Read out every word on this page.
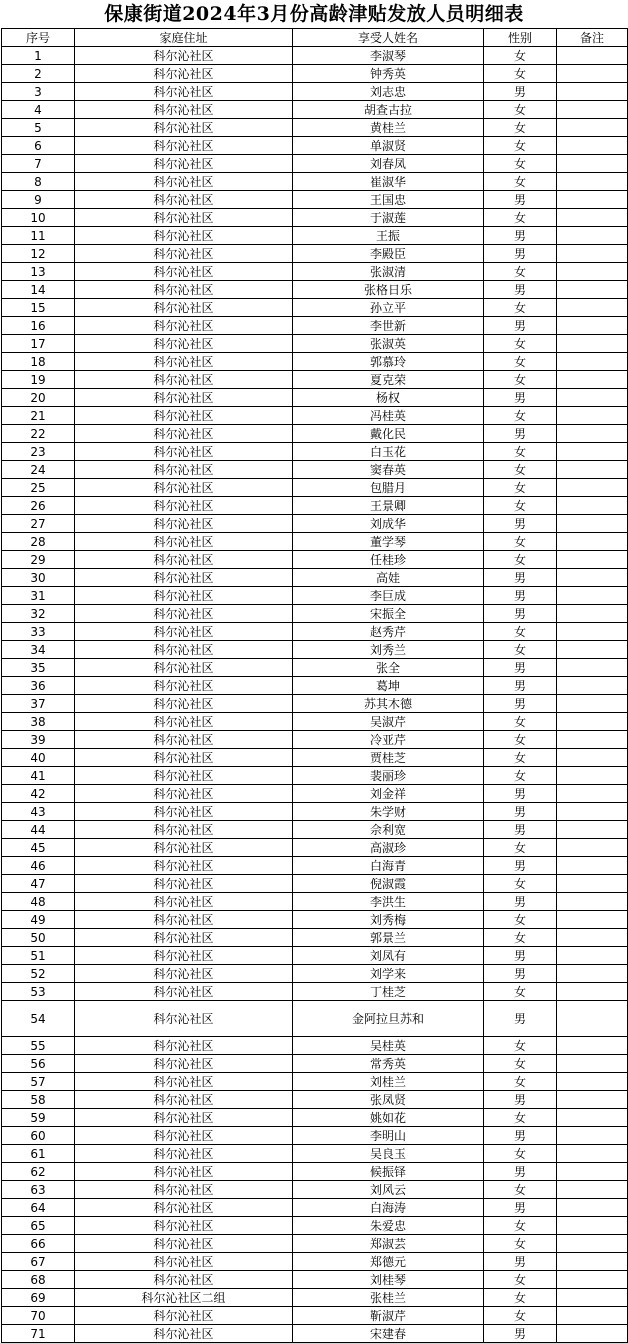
保康街道2024年3月份高龄津贴发放人员明细表
序号	家庭住址	享受人姓名	性别	备注
1	科尔沁社区	李淑琴	女	
2	科尔沁社区	钟秀英	女	
3	科尔沁社区	刘志忠	男	
4	科尔沁社区	胡查古拉	女	
5	科尔沁社区	黄桂兰	女	
6	科尔沁社区	单淑贤	女	
7	科尔沁社区	刘春凤	女	
8	科尔沁社区	崔淑华	女	
9	科尔沁社区	王国忠	男	
10	科尔沁社区	于淑莲	女	
11	科尔沁社区	王振	男	
12	科尔沁社区	李殿臣	男	
13	科尔沁社区	张淑清	女	
14	科尔沁社区	张格日乐	男	
15	科尔沁社区	孙立平	女	
16	科尔沁社区	李世新	男	
17	科尔沁社区	张淑英	女	
18	科尔沁社区	郭慕玲	女	
19	科尔沁社区	夏克荣	女	
20	科尔沁社区	杨权	男	
21	科尔沁社区	冯桂英	女	
22	科尔沁社区	戴化民	男	
23	科尔沁社区	白玉花	女	
24	科尔沁社区	窦春英	女	
25	科尔沁社区	包腊月	女	
26	科尔沁社区	王景卿	女	
27	科尔沁社区	刘成华	男	
28	科尔沁社区	董学琴	女	
29	科尔沁社区	任桂珍	女	
30	科尔沁社区	高娃	男	
31	科尔沁社区	李巨成	男	
32	科尔沁社区	宋振全	男	
33	科尔沁社区	赵秀芹	女	
34	科尔沁社区	刘秀兰	女	
35	科尔沁社区	张全	男	
36	科尔沁社区	葛坤	男	
37	科尔沁社区	苏其木德	男	
38	科尔沁社区	吴淑芹	女	
39	科尔沁社区	冷亚芹	女	
40	科尔沁社区	贾桂芝	女	
41	科尔沁社区	裴丽珍	女	
42	科尔沁社区	刘金祥	男	
43	科尔沁社区	朱学财	男	
44	科尔沁社区	佘利宽	男	
45	科尔沁社区	高淑珍	女	
46	科尔沁社区	白海青	男	
47	科尔沁社区	倪淑霞	女	
48	科尔沁社区	李洪生	男	
49	科尔沁社区	刘秀梅	女	
50	科尔沁社区	郭景兰	女	
51	科尔沁社区	刘凤有	男	
52	科尔沁社区	刘学来	男	
53	科尔沁社区	丁桂芝	女	
54	科尔沁社区	金阿拉旦苏和	男	
55	科尔沁社区	吴桂英	女	
56	科尔沁社区	常秀英	女	
57	科尔沁社区	刘桂兰	女	
58	科尔沁社区	张凤贤	男	
59	科尔沁社区	姚如花	女	
60	科尔沁社区	李明山	男	
61	科尔沁社区	吴良玉	女	
62	科尔沁社区	候振铎	男	
63	科尔沁社区	刘风云	女	
64	科尔沁社区	白海涛	男	
65	科尔沁社区	朱爱忠	女	
66	科尔沁社区	郑淑芸	女	
67	科尔沁社区	郑德元	男	
68	科尔沁社区	刘桂琴	女	
69	科尔沁社区二组	张桂兰	女	
70	科尔沁社区	靳淑芹	女	
71	科尔沁社区	宋建春	男	
